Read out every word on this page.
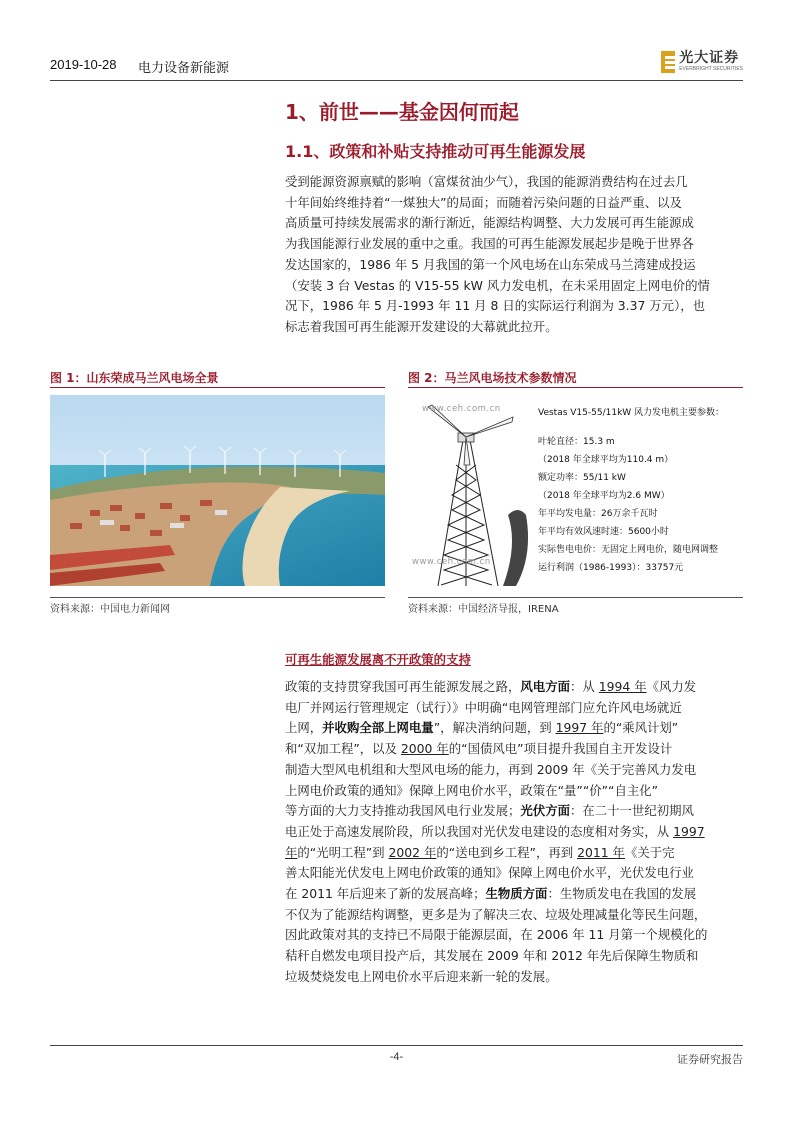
2019-10-28 电力设备新能源
光大证券
EVERBRIGHT SECURITIES
1、前世——基金因何而起
1.1、政策和补贴支持推动可再生能源发展
受到能源资源禀赋的影响（富煤贫油少气），我国的能源消费结构在过去几
十年间始终维持着“一煤独大”的局面；而随着污染问题的日益严重、以及
高质量可持续发展需求的渐行渐近，能源结构调整、大力发展可再生能源成
为我国能源行业发展的重中之重。我国的可再生能源发展起步是晚于世界各
发达国家的，1986 年 5 月我国的第一个风电场在山东荣成马兰湾建成投运
（安装 3 台 Vestas 的 V15-55 kW 风力发电机，在未采用固定上网电价的情
况下，1986 年 5 月-1993 年 11 月 8 日的实际运行利润为 3.37 万元），也
标志着我国可再生能源开发建设的大幕就此拉开。
图 1：山东荣成马兰风电场全景
资料来源：中国电力新闻网
图 2：马兰风电场技术参数情况
www.ceh.com.cn
www.ceh.com.cn
Vestas V15-55/11kW 风力发电机主要参数：
叶轮直径：15.3 m
（2018 年全球平均为110.4 m）
额定功率：55/11 kW
（2018 年全球平均为2.6 MW）
年平均发电量：26万余千瓦时
年平均有效风速时速：5600小时
实际售电电价：无固定上网电价，随电网调整
运行利润（1986-1993）：33757元
资料来源：中国经济导报，IRENA
可再生能源发展离不开政策的支持
政策的支持贯穿我国可再生能源发展之路，风电方面：从 1994 年《风力发
电厂并网运行管理规定（试行）》中明确“电网管理部门应允许风电场就近
上网，并收购全部上网电量”，解决消纳问题，到 1997 年的“乘风计划”
和“双加工程”，以及 2000 年的“国债风电”项目提升我国自主开发设计
制造大型风电机组和大型风电场的能力，再到 2009 年《关于完善风力发电
上网电价政策的通知》保障上网电价水平，政策在“量”“价”“自主化”
等方面的大力支持推动我国风电行业发展；光伏方面：在二十一世纪初期风
电正处于高速发展阶段，所以我国对光伏发电建设的态度相对务实，从 1997
年的“光明工程”到 2002 年的“送电到乡工程”，再到 2011 年《关于完
善太阳能光伏发电上网电价政策的通知》保障上网电价水平，光伏发电行业
在 2011 年后迎来了新的发展高峰；生物质方面：生物质发电在我国的发展
不仅为了能源结构调整，更多是为了解决三农、垃圾处理减量化等民生问题，
因此政策对其的支持已不局限于能源层面，在 2006 年 11 月第一个规模化的
秸秆自燃发电项目投产后，其发展在 2009 年和 2012 年先后保障生物质和
垃圾焚烧发电上网电价水平后迎来新一轮的发展。
-4-	证券研究报告
